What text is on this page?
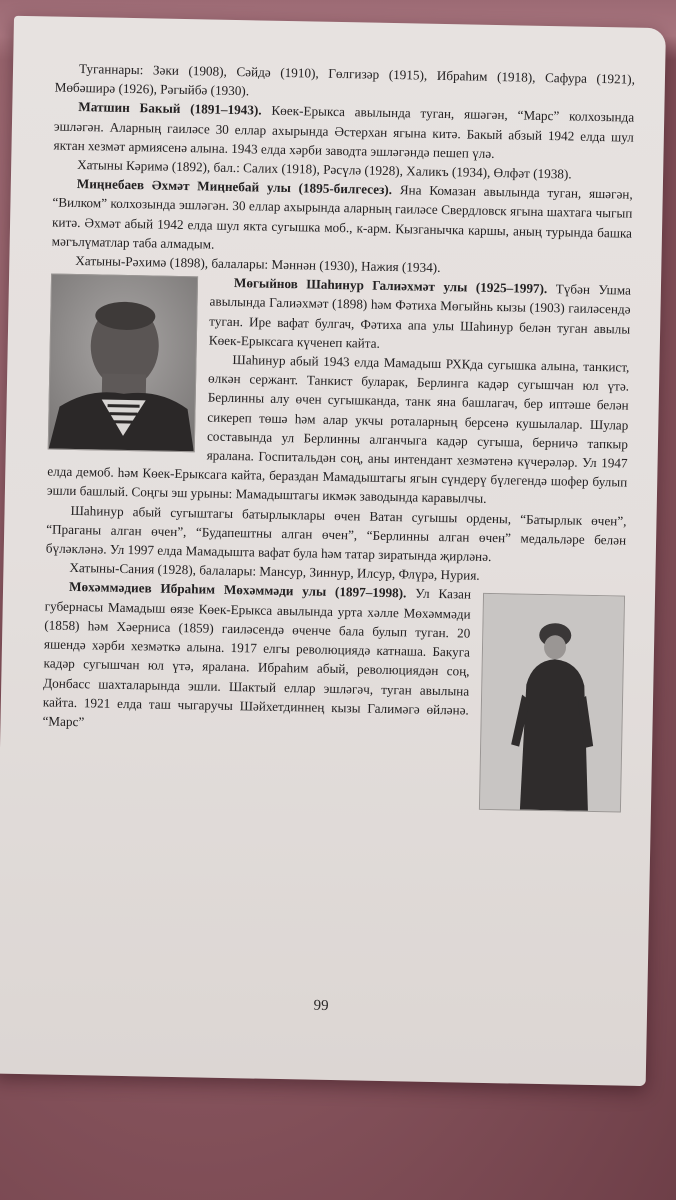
Туганнары: Зәки (1908), Сәйдә (1910), Гөлгизәр (1915), Ибраһим (1918), Сафура (1921), Мөбәширә (1926), Рәгыйбә (1930).

Матшин Бакый (1891–1943). Көек-Ерыкса авылында туган, яшәгән, “Марс” колхозында эшләгән. Аларның гаиләсе 30 еллар ахырында Әстерхан ягына китә. Бакый абзый 1942 елда шул яктан хезмәт армиясенә алына. 1943 елда хәрби заводта эшләгәндә пешеп үлә.

Хатыны Кәримә (1892), бал.: Салих (1918), Рәсүлә (1928), Халикъ (1934), Өлфәт (1938).

Миңнебаев Әхмәт Миңнебай улы (1895-билгесез). Яна Комазан авылында туган, яшәгән, “Вилком” колхозында эшләгән. 30 еллар ахырында аларның гаиләсе Свердловск ягына шахтага чыгып китә. Әхмәт абый 1942 елда шул якта сугышка моб., к-арм. Кызганычка каршы, аның турында башка мәгълүматлар таба алмадым.

Хатыны-Рәхимә (1898), балалары: Мәннән (1930), Нажия (1934).

Мөгыйнов Шаһинур Галиәхмәт улы (1925–1997). Түбән Ушма авылында Галиәхмәт (1898) һәм Фәтиха Мөгыйнь кызы (1903) гаиләсендә туган. Ире вафат булгач, Фәтиха апа улы Шаһинур белән туган авылы Көек-Ерыксага күченеп кайта.

Шаһинур абый 1943 елда Мамадыш РХКда сугышка алына, танкист, өлкән сержант. Танкист буларак, Берлинга кадәр сугышчан юл үтә. Берлинны алу өчен сугышканда, танк яна башлагач, бер иптәше белән сикереп төшә һәм алар укчы роталарның берсенә кушылалар. Шулар составында ул Берлинны алганчыга кадәр сугыша, берничә тапкыр яралана. Госпитальдән соң, аны интендант хезмәтенә күчерәләр. Ул 1947 елда демоб. һәм Көек-Ерыксага кайта, бераздан Мамадыштагы ягын сүндерү бүлегендә шофер булып эшли башлый. Соңгы эш урыны: Мамадыштагы икмәк заводында каравылчы.

Шаһинур абый сугыштагы батырлыклары өчен Ватан сугышы ордены, “Батырлык өчен”, “Праганы алган өчен”, “Будапештны алган өчен”, “Берлинны алган өчен” медальләре белән бүләкләнә. Ул 1997 елда Мамадышта вафат була һәм татар зиратында җирләнә.

Хатыны-Сания (1928), балалары: Мансур, Зиннур, Илсур, Флүрә, Нурия.

Мөхәммәдиев Ибраһим Мөхәммәди улы (1897–1998). Ул Казан губернасы Мамадыш өязе Көек-Ерыкса авылында урта хәлле Мөхәммәди (1858) һәм Хәерниса (1859) гаиләсендә өченче бала булып туган. 20 яшендә хәрби хезмәткә алына. 1917 елгы революциядә катнаша. Бакуга кадәр сугышчан юл үтә, яралана. Ибраһим абый, революциядән соң, Донбасс шахталарында эшли. Шактый еллар эшләгәч, туган авылына кайта. 1921 елда таш чыгаручы Шәйхетдиннең кызы Галимәгә өйләнә. “Марс”

99
